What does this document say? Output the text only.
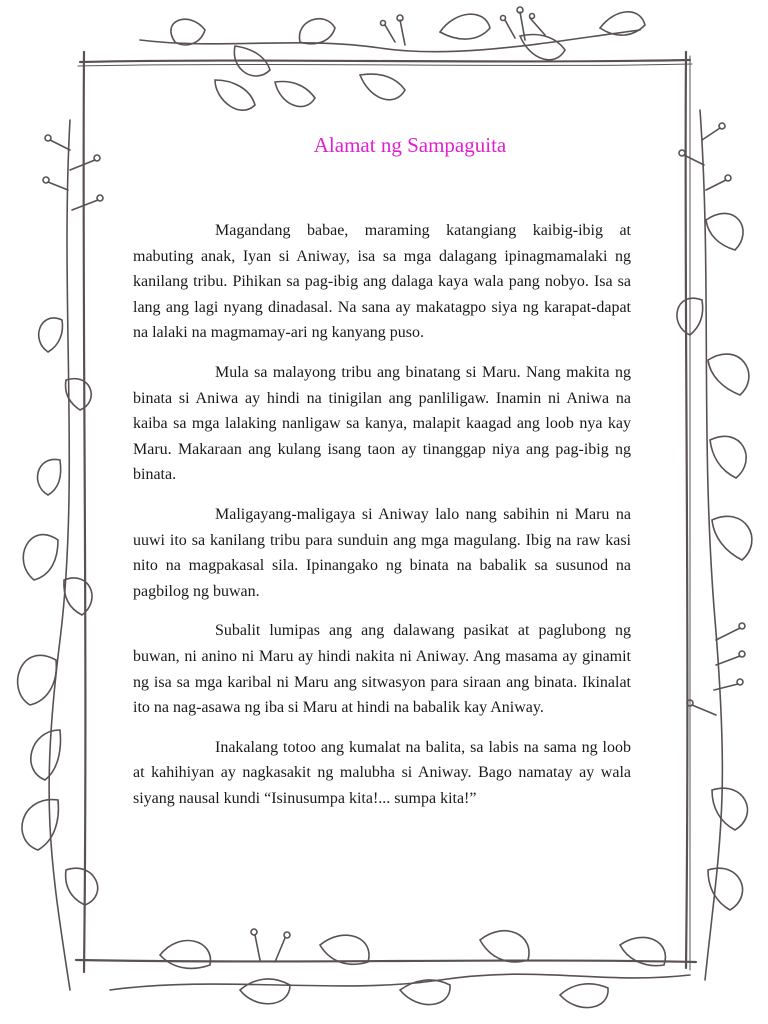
Alamat ng Sampaguita

Magandang babae, maraming katangiang kaibig-ibig at mabuting anak, Iyan si Aniway, isa sa mga dalagang ipinagmamalaki ng kanilang tribu. Pihikan sa pag-ibig ang dalaga kaya wala pang nobyo. Isa sa lang ang lagi nyang dinadasal. Na sana ay makatagpo siya ng karapat-dapat na lalaki na magmamay-ari ng kanyang puso.

Mula sa malayong tribu ang binatang si Maru. Nang makita ng binata si Aniwa ay hindi na tinigilan ang panliligaw. Inamin ni Aniwa na kaiba sa mga lalaking nanligaw sa kanya, malapit kaagad ang loob nya kay Maru. Makaraan ang kulang isang taon ay tinanggap niya ang pag-ibig ng binata.

Maligayang-maligaya si Aniway lalo nang sabihin ni Maru na uuwi ito sa kanilang tribu para sunduin ang mga magulang. Ibig na raw kasi nito na magpakasal sila. Ipinangako ng binata na babalik sa susunod na pagbilog ng buwan.

Subalit lumipas ang ang dalawang pasikat at paglubong ng buwan, ni anino ni Maru ay hindi nakita ni Aniway. Ang masama ay ginamit ng isa sa mga karibal ni Maru ang sitwasyon para siraan ang binata. Ikinalat ito na nag-asawa ng iba si Maru at hindi na babalik kay Aniway.

Inakalang totoo ang kumalat na balita, sa labis na sama ng loob at kahihiyan ay nagkasakit ng malubha si Aniway. Bago namatay ay wala siyang nausal kundi “Isinusumpa kita!... sumpa kita!”
